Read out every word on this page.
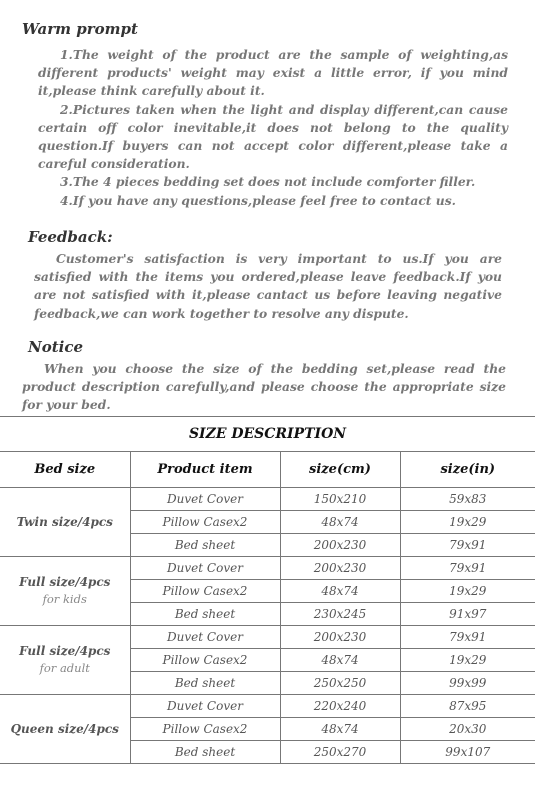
Warm prompt

1.The weight of the product are the sample of weighting,as different products' weight may exist a little error, if you mind it,please think carefully about it.

2.Pictures taken when the light and display different,can cause certain off color inevitable,it does not belong to the quality question.If buyers can not accept color different,please take a careful consideration.

3.The 4 pieces bedding set does not include comforter filler.

4.If you have any questions,please feel free to contact us.

Feedback:

Customer's satisfaction is very important to us.If you are satisfied with the items you ordered,please leave feedback.If you are not satisfied with it,please cantact us before leaving negative feedback,we can work together to resolve any dispute.

Notice

When you choose the size of the bedding set,please read the product description carefully,and please choose the appropriate size for your bed.

SIZE DESCRIPTION			
Bed size	Product item	size(cm)	size(in)
Twin size/4pcs	Duvet Cover	150x210	59x83
	Pillow Casex2	48x74	19x29
	Bed sheet	200x230	79x91
Full size/4pcs
for kids	Duvet Cover	200x230	79x91
	Pillow Casex2	48x74	19x29
	Bed sheet	230x245	91x97
Full size/4pcs
for adult	Duvet Cover	200x230	79x91
	Pillow Casex2	48x74	19x29
	Bed sheet	250x250	99x99
Queen size/4pcs	Duvet Cover	220x240	87x95
	Pillow Casex2	48x74	20x30
	Bed sheet	250x270	99x107
